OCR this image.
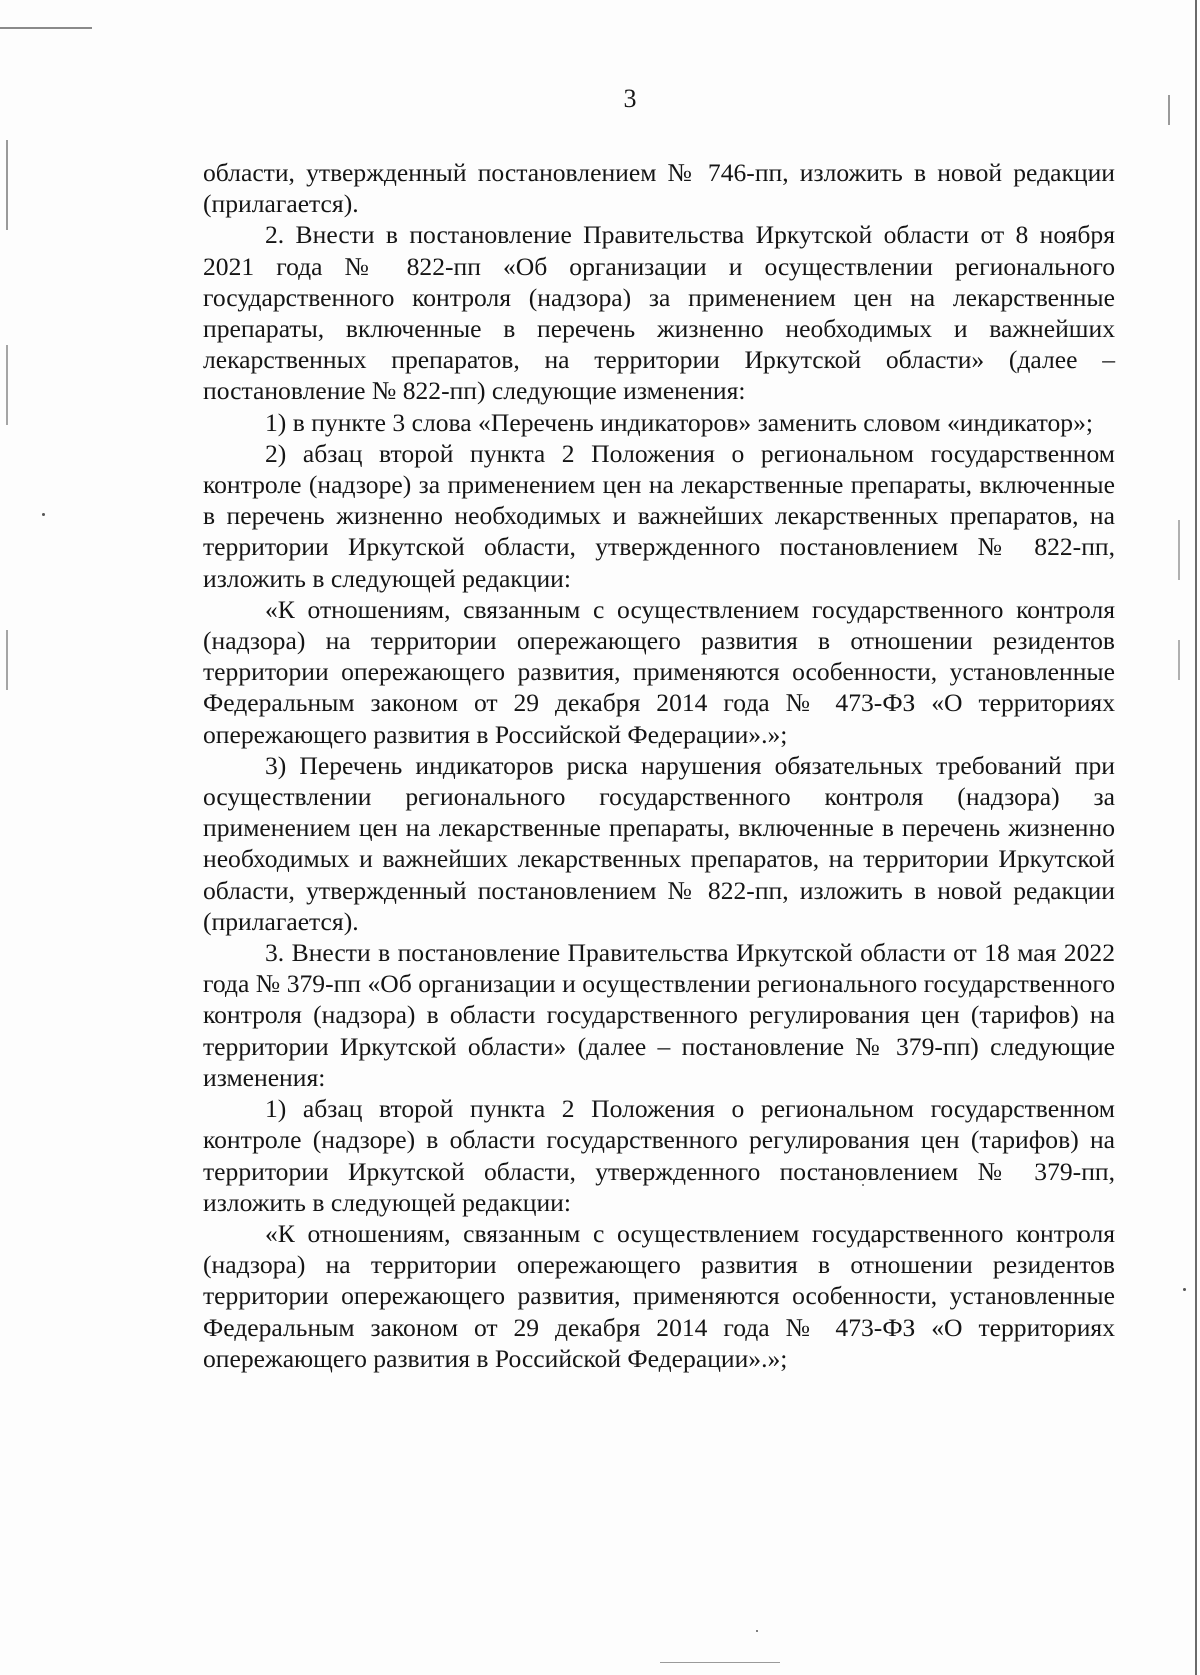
3

области, утвержденный постановлением № 746-пп, изложить в новой редакции (прилагается).

2. Внести в постановление Правительства Иркутской области от 8 ноября 2021 года № 822-пп «Об организации и осуществлении регионального государственного контроля (надзора) за применением цен на лекарственные препараты, включенные в перечень жизненно необходимых и важнейших лекарственных препаратов, на территории Иркутской области» (далее – постановление № 822-пп) следующие изменения:

1) в пункте 3 слова «Перечень индикаторов» заменить словом «индикатор»;

2) абзац второй пункта 2 Положения о региональном государственном контроле (надзоре) за применением цен на лекарственные препараты, включенные в перечень жизненно необходимых и важнейших лекарственных препаратов, на территории Иркутской области, утвержденного постановлением № 822-пп, изложить в следующей редакции:

«К отношениям, связанным с осуществлением государственного контроля (надзора) на территории опережающего развития в отношении резидентов территории опережающего развития, применяются особенности, установленные Федеральным законом от 29 декабря 2014 года № 473-ФЗ «О территориях опережающего развития в Российской Федерации».»;

3) Перечень индикаторов риска нарушения обязательных требований при осуществлении регионального государственного контроля (надзора) за применением цен на лекарственные препараты, включенные в перечень жизненно необходимых и важнейших лекарственных препаратов, на территории Иркутской области, утвержденный постановлением № 822-пп, изложить в новой редакции (прилагается).

3. Внести в постановление Правительства Иркутской области от 18 мая 2022 года № 379-пп «Об организации и осуществлении регионального государственного контроля (надзора) в области государственного регулирования цен (тарифов) на территории Иркутской области» (далее – постановление № 379-пп) следующие изменения:

1) абзац второй пункта 2 Положения о региональном государственном контроле (надзоре) в области государственного регулирования цен (тарифов) на территории Иркутской области, утвержденного постановлением № 379-пп, изложить в следующей редакции:

«К отношениям, связанным с осуществлением государственного контроля (надзора) на территории опережающего развития в отношении резидентов территории опережающего развития, применяются особенности, установленные Федеральным законом от 29 декабря 2014 года № 473-ФЗ «О территориях опережающего развития в Российской Федерации».»;
